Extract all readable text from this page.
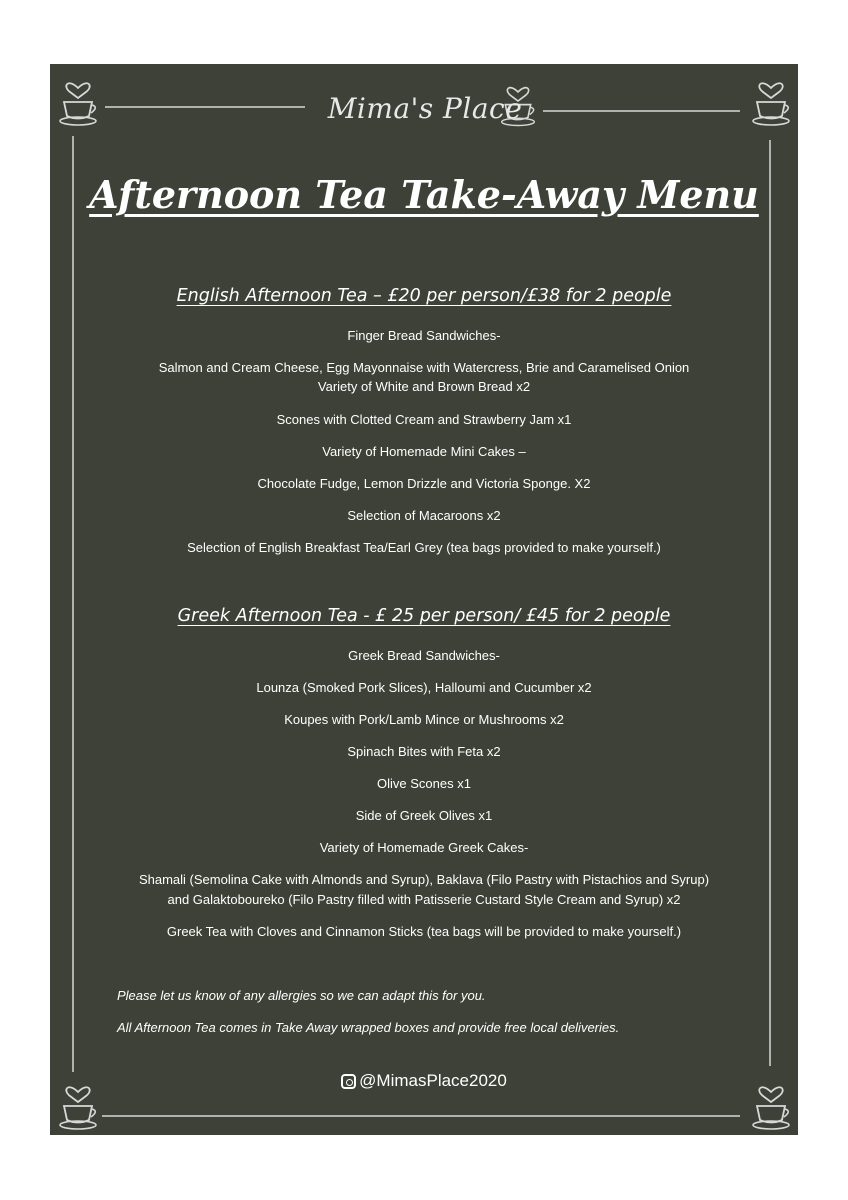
Mima's Place
Afternoon Tea Take-Away Menu
English Afternoon Tea – £20 per person/£38 for 2 people
Finger Bread Sandwiches-
Salmon and Cream Cheese, Egg Mayonnaise with Watercress, Brie and Caramelised Onion
Variety of White and Brown Bread x2
Scones with Clotted Cream and Strawberry Jam x1
Variety of Homemade Mini Cakes –
Chocolate Fudge, Lemon Drizzle and Victoria Sponge. X2
Selection of Macaroons x2
Selection of English Breakfast Tea/Earl Grey (tea bags provided to make yourself.)
Greek Afternoon Tea - £ 25 per person/ £45 for 2 people
Greek Bread Sandwiches-
Lounza (Smoked Pork Slices), Halloumi and Cucumber x2
Koupes with Pork/Lamb Mince or Mushrooms x2
Spinach Bites with Feta x2
Olive Scones x1
Side of Greek Olives x1
Variety of Homemade Greek Cakes-
Shamali (Semolina Cake with Almonds and Syrup), Baklava (Filo Pastry with Pistachios and Syrup)
and Galaktoboureko (Filo Pastry filled with Patisserie Custard Style Cream and Syrup) x2
Greek Tea with Cloves and Cinnamon Sticks (tea bags will be provided to make yourself.)
Please let us know of any allergies so we can adapt this for you.
All Afternoon Tea comes in Take Away wrapped boxes and provide free local deliveries.
@MimasPlace2020
